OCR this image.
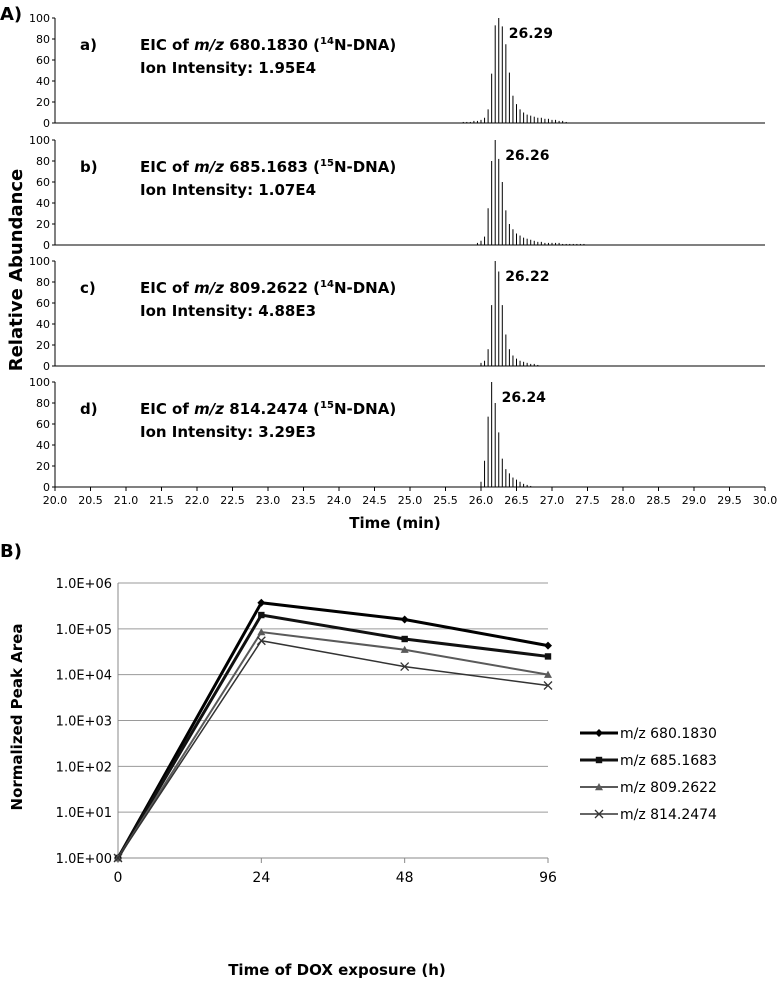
A)
Relative Abundance
0
20
40
60
80
100
26.29
a)	EIC of m/z 680.1830 ($^{14}$N-DNA)
Ion Intensity: 1.95E4
0
20
40
60
80
100
26.26
b)	EIC of m/z 685.1683 ($^{15}$N-DNA)
Ion Intensity: 1.07E4
0
20
40
60
80
100
26.22
c)	EIC of m/z 809.2622 ($^{14}$N-DNA)
Ion Intensity: 4.88E3
0
20
40
60
80
100
26.24
d)	EIC of m/z 814.2474 ($^{15}$N-DNA)
Ion Intensity: 3.29E3
20.0 20.5 21.0 21.5 22.0 22.5 23.0 23.5 24.0 24.5 25.0 25.5 26.0 26.5 27.0 27.5 28.0 28.5 29.0 29.5 30.0
Time (min)
B)
Normalized Peak Area
1.0E+00
1.0E+01
1.0E+02
1.0E+03
1.0E+04
1.0E+05
1.0E+06
0	24	48	96
Time of DOX exposure (h)
m/z 680.1830
m/z 685.1683
m/z 809.2622
m/z 814.2474
